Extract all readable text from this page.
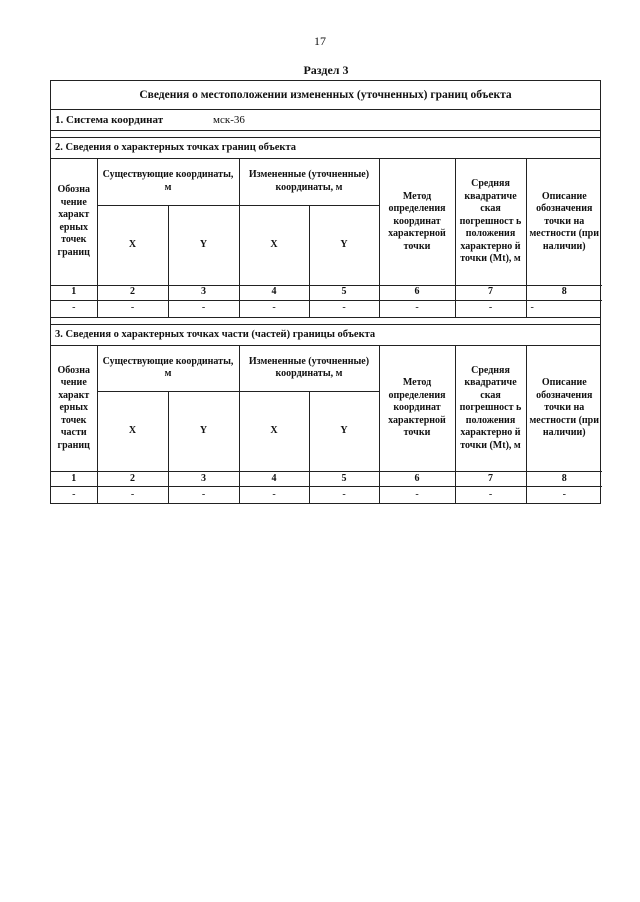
17
Раздел 3
Сведения о местоположении измененных (уточненных) границ объекта
1. Система координат	мск-36
2. Сведения о характерных точках границ объекта
Обозна чение характ ерных точек границ	Существующие координаты, м		Измененные (уточненные) координаты, м		Метод определения координат характерной точки	Средняя квадратиче ская погрешност ь положения характерно й точки (Mt), м	Описание обозначения точки на местности (при наличии)
	X	Y	X	Y			
1	2	3	4	5	6	7	8
-	-	-	-	-	-	-	-
3. Сведения о характерных точках части (частей) границы объекта
Обозна чение характ ерных точек части границ	Существующие координаты, м		Измененные (уточненные) координаты, м		Метод определения координат характерной точки	Средняя квадратиче ская погрешност ь положения характерно й точки (Mt), м	Описание обозначения точки на местности (при наличии)
	X	Y	X	Y			
1	2	3	4	5	6	7	8
-	-	-	-	-	-	-	-
